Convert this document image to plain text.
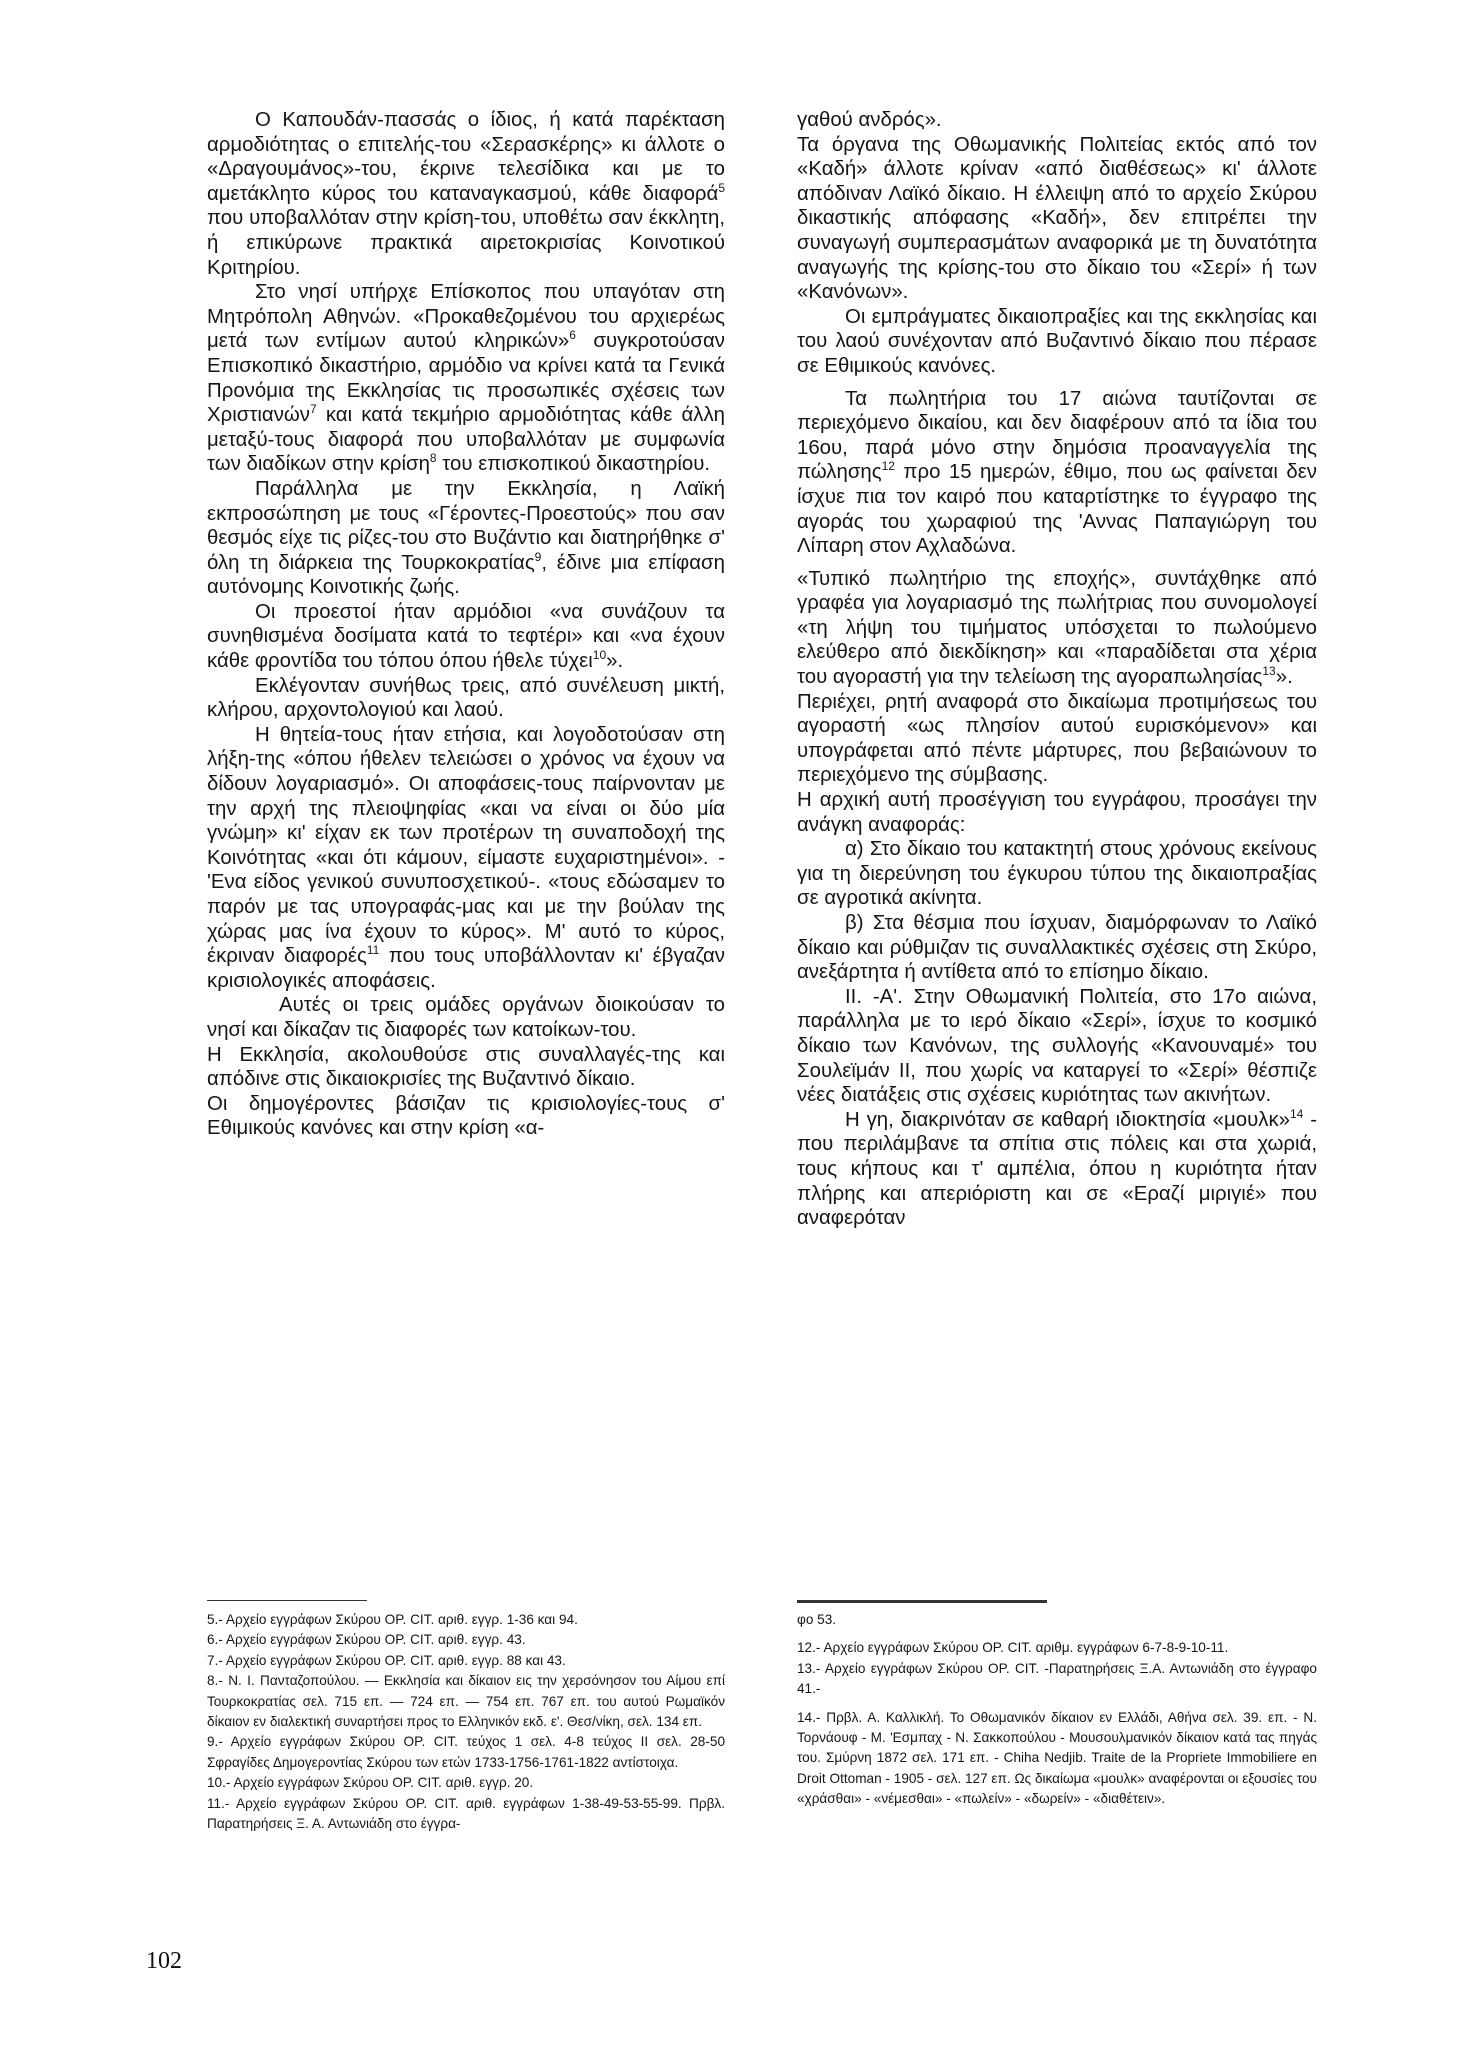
Ο Καπουδάν-πασσάς ο ίδιος, ή κατά παρέκταση αρμοδιότητας ο επιτελής-του «Σερασκέρης» κι άλλοτε ο «Δραγουμάνος»-του, έκρινε τελεσίδικα και με το αμετάκλητο κύρος του καταναγκασμού, κάθε διαφορά$^5$ που υποβαλλόταν στην κρίση-του, υποθέτω σαν έκκλητη, ή επικύρωνε πρακτικά αιρετοκρισίας Κοινοτικού Κριτηρίου.

Στο νησί υπήρχε Επίσκοπος που υπαγόταν στη Μητρόπολη Αθηνών. «Προκαθεζομένου του αρχιερέως μετά των εντίμων αυτού κληρικών»$^6$ συγκροτούσαν Επισκοπικό δικαστήριο, αρμόδιο να κρίνει κατά τα Γενικά Προνόμια της Εκκλησίας τις προσωπικές σχέσεις των Χριστιανών$^7$ και κατά τεκμήριο αρμοδιότητας κάθε άλλη μεταξύ-τους διαφορά που υποβαλλόταν με συμφωνία των διαδίκων στην κρίση$^8$ του επισκοπικού δικαστηρίου.

Παράλληλα με την Εκκλησία, η Λαϊκή εκπροσώπηση με τους «Γέροντες-Προεστούς» που σαν θεσμός είχε τις ρίζες-του στο Βυζάντιο και διατηρήθηκε σ' όλη τη διάρκεια της Τουρκοκρατίας$^9$, έδινε μια επίφαση αυτόνομης Κοινοτικής ζωής.

Οι προεστοί ήταν αρμόδιοι «να συνάζουν τα συνηθισμένα δοσίματα κατά το τεφτέρι» και «να έχουν κάθε φροντίδα του τόπου όπου ήθελε τύχει$^{10}$».

Εκλέγονταν συνήθως τρεις, από συνέλευση μικτή, κλήρου, αρχοντολογιού και λαού.

Η θητεία-τους ήταν ετήσια, και λογοδοτούσαν στη λήξη-της «όπου ήθελεν τελειώσει ο χρόνος να έχουν να δίδουν λογαριασμό». Οι αποφάσεις-τους παίρνονταν με την αρχή της πλειοψηφίας «και να είναι οι δύο μία γνώμη» κι' είχαν εκ των προτέρων τη συναποδοχή της Κοινότητας «και ότι κάμουν, είμαστε ευχαριστημένοι». - 'Ενα είδος γενικού συνυποσχετικού-. «τους εδώσαμεν το παρόν με τας υπογραφάς-μας και με την βούλαν της χώρας μας ίνα έχουν το κύρος». Μ' αυτό το κύρος, έκριναν διαφορές$^{11}$ που τους υποβάλλονταν κι' έβγαζαν κρισιολογικές αποφάσεις.

Αυτές οι τρεις ομάδες οργάνων διοικούσαν το νησί και δίκαζαν τις διαφορές των κατοίκων-του.

Η Εκκλησία, ακολουθούσε στις συναλλαγές-της και απόδινε στις δικαιοκρισίες της Βυζαντινό δίκαιο.

Οι δημογέροντες βάσιζαν τις κρισιολογίες-τους σ' Εθιμικούς κανόνες και στην κρίση «α-

γαθού ανδρός».

Τα όργανα της Οθωμανικής Πολιτείας εκτός από τον «Καδή» άλλοτε κρίναν «από διαθέσεως» κι' άλλοτε απόδιναν Λαϊκό δίκαιο. Η έλλειψη από το αρχείο Σκύρου δικαστικής απόφασης «Καδή», δεν επιτρέπει την συναγωγή συμπερασμάτων αναφορικά με τη δυνατότητα αναγωγής της κρίσης-του στο δίκαιο του «Σερί» ή των «Κανόνων».

Οι εμπράγματες δικαιοπραξίες και της εκκλησίας και του λαού συνέχονταν από Βυζαντινό δίκαιο που πέρασε σε Εθιμικούς κανόνες.

Τα πωλητήρια του 17 αιώνα ταυτίζονται σε περιεχόμενο δικαίου, και δεν διαφέρουν από τα ίδια του 16ου, παρά μόνο στην δημόσια προαναγγελία της πώλησης$^{12}$ προ 15 ημερών, έθιμο, που ως φαίνεται δεν ίσχυε πια τον καιρό που καταρτίστηκε το έγγραφο της αγοράς του χωραφιού της 'Αννας Παπαγιώργη του Λίπαρη στον Αχλαδώνα.

«Τυπικό πωλητήριο της εποχής», συντάχθηκε από γραφέα για λογαριασμό της πωλήτριας που συνομολογεί «τη λήψη του τιμήματος υπόσχεται το πωλούμενο ελεύθερο από διεκδίκηση» και «παραδίδεται στα χέρια του αγοραστή για την τελείωση της αγοραπωλησίας$^{13}$».

Περιέχει, ρητή αναφορά στο δικαίωμα προτιμήσεως του αγοραστή «ως πλησίον αυτού ευρισκόμενον» και υπογράφεται από πέντε μάρτυρες, που βεβαιώνουν το περιεχόμενο της σύμβασης.

Η αρχική αυτή προσέγγιση του εγγράφου, προσάγει την ανάγκη αναφοράς:

α) Στο δίκαιο του κατακτητή στους χρόνους εκείνους για τη διερεύνηση του έγκυρου τύπου της δικαιοπραξίας σε αγροτικά ακίνητα.

β) Στα θέσμια που ίσχυαν, διαμόρφωναν το Λαϊκό δίκαιο και ρύθμιζαν τις συναλλακτικές σχέσεις στη Σκύρο, ανεξάρτητα ή αντίθετα από το επίσημο δίκαιο.

ΙΙ. -Α'. Στην Οθωμανική Πολιτεία, στο 17ο αιώνα, παράλληλα με το ιερό δίκαιο «Σερί», ίσχυε το κοσμικό δίκαιο των Κανόνων, της συλλογής «Κανουναμέ» του Σουλεϊμάν ΙΙ, που χωρίς να καταργεί το «Σερί» θέσπιζε νέες διατάξεις στις σχέσεις κυριότητας των ακινήτων.

Η γη, διακρινόταν σε καθαρή ιδιοκτησία «μουλκ»$^{14}$ - που περιλάμβανε τα σπίτια στις πόλεις και στα χωριά, τους κήπους και τ' αμπέλια, όπου η κυριότητα ήταν πλήρης και απεριόριστη και σε «Εραζί μιριγιέ» που αναφερόταν

5.- Αρχείο εγγράφων Σκύρου ΟΡ. CIT. αριθ. εγγρ. 1-36 και 94.

6.- Αρχείο εγγράφων Σκύρου ΟΡ. CIT. αριθ. εγγρ. 43.

7.- Αρχείο εγγράφων Σκύρου ΟΡ. CIT. αριθ. εγγρ. 88 και 43.

8.- Ν. Ι. Πανταζοπούλου. — Εκκλησία και δίκαιον εις την χερσόνησον του Αίμου επί Τουρκοκρατίας σελ. 715 επ. — 724 επ. — 754 επ. 767 επ. του αυτού Ρωμαϊκόν δίκαιον εν διαλεκτική συναρτήσει προς το Ελληνικόν εκδ. ε'. Θεσ/νίκη, σελ. 134 επ.

9.- Αρχείο εγγράφων Σκύρου ΟΡ. CIT. τεύχος 1 σελ. 4-8 τεύχος ΙΙ σελ. 28-50 Σφραγίδες Δημογεροντίας Σκύρου των ετών 1733-1756-1761-1822 αντίστοιχα.

10.- Αρχείο εγγράφων Σκύρου ΟΡ. CIT. αριθ. εγγρ. 20.

11.- Αρχείο εγγράφων Σκύρου ΟΡ. CIT. αριθ. εγγράφων 1-38-49-53-55-99. Πρβλ. Παρατηρήσεις Ξ. Α. Αντωνιάδη στο έγγρα-

φο 53.

12.- Αρχείο εγγράφων Σκύρου ΟΡ. CIT. αριθμ. εγγράφων 6-7-8-9-10-11.

13.- Αρχείο εγγράφων Σκύρου ΟΡ. CIT. -Παρατηρήσεις Ξ.Α. Αντωνιάδη στο έγγραφο 41.-

14.- Πρβλ. Α. Καλλικλή. Το Οθωμανικόν δίκαιον εν Ελλάδι, Αθήνα σελ. 39. επ. - Ν. Τορνάουφ - Μ. 'Εσμπαχ - Ν. Σακκοπούλου - Μουσουλμανικόν δίκαιον κατά τας πηγάς του. Σμύρνη 1872 σελ. 171 επ. - Chiha Nedjib. Traite de la Propriete Immobiliere en Droit Ottoman - 1905 - σελ. 127 επ. Ως δικαίωμα «μουλκ» αναφέρονται οι εξουσίες του «χράσθαι» - «νέμεσθαι» - «πωλείν» - «δωρείν» - «διαθέτειν».

102
